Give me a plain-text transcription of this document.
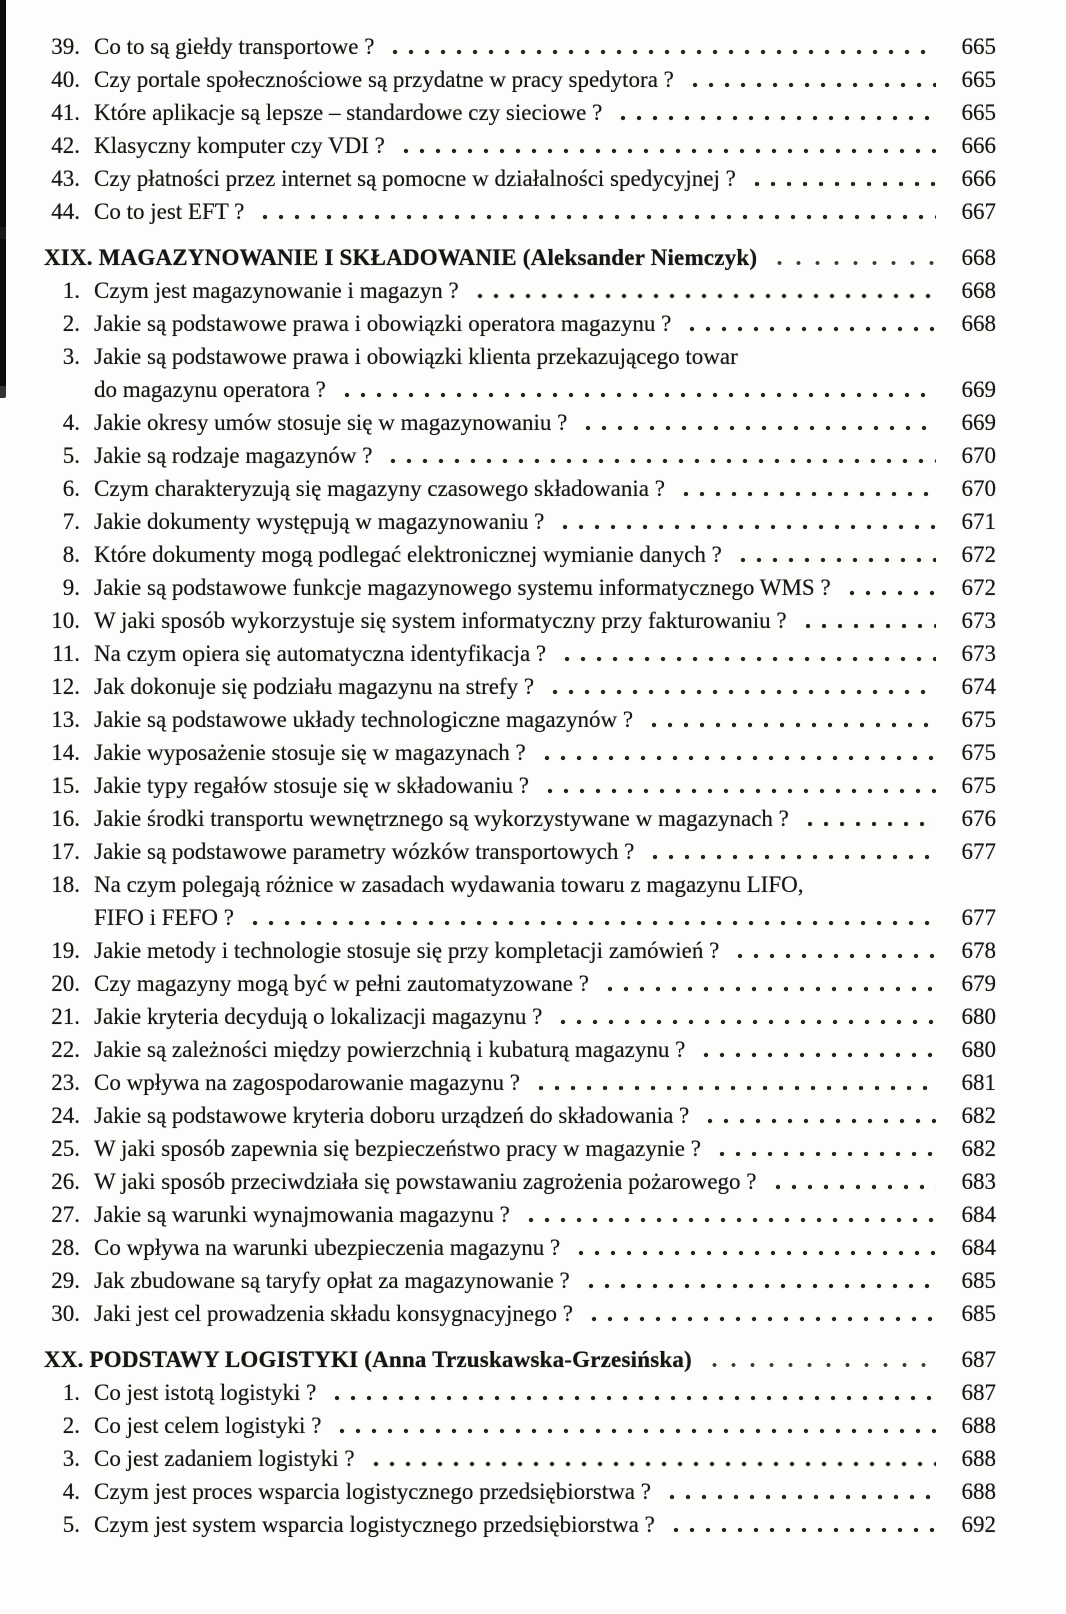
39. Co to są giełdy transportowe ?	665
40. Czy portale społecznościowe są przydatne w pracy spedytora ?	665
41. Które aplikacje są lepsze – standardowe czy sieciowe ?	665
42. Klasyczny komputer czy VDI ?	666
43. Czy płatności przez internet są pomocne w działalności spedycyjnej ?	666
44. Co to jest EFT ?	667
XIX. MAGAZYNOWANIE I SKŁADOWANIE (Aleksander Niemczyk)	668
1. Czym jest magazynowanie i magazyn ?	668
2. Jakie są podstawowe prawa i obowiązki operatora magazynu ?	668
3. Jakie są podstawowe prawa i obowiązki klienta przekazującego towar
do magazynu operatora ?	669
4. Jakie okresy umów stosuje się w magazynowaniu ?	669
5. Jakie są rodzaje magazynów ?	670
6. Czym charakteryzują się magazyny czasowego składowania ?	670
7. Jakie dokumenty występują w magazynowaniu ?	671
8. Które dokumenty mogą podlegać elektronicznej wymianie danych ?	672
9. Jakie są podstawowe funkcje magazynowego systemu informatycznego WMS ?	672
10. W jaki sposób wykorzystuje się system informatyczny przy fakturowaniu ?	673
11. Na czym opiera się automatyczna identyfikacja ?	673
12. Jak dokonuje się podziału magazynu na strefy ?	674
13. Jakie są podstawowe układy technologiczne magazynów ?	675
14. Jakie wyposażenie stosuje się w magazynach ?	675
15. Jakie typy regałów stosuje się w składowaniu ?	675
16. Jakie środki transportu wewnętrznego są wykorzystywane w magazynach ?	676
17. Jakie są podstawowe parametry wózków transportowych ?	677
18. Na czym polegają różnice w zasadach wydawania towaru z magazynu LIFO,
FIFO i FEFO ?	677
19. Jakie metody i technologie stosuje się przy kompletacji zamówień ?	678
20. Czy magazyny mogą być w pełni zautomatyzowane ?	679
21. Jakie kryteria decydują o lokalizacji magazynu ?	680
22. Jakie są zależności między powierzchnią i kubaturą magazynu ?	680
23. Co wpływa na zagospodarowanie magazynu ?	681
24. Jakie są podstawowe kryteria doboru urządzeń do składowania ?	682
25. W jaki sposób zapewnia się bezpieczeństwo pracy w magazynie ?	682
26. W jaki sposób przeciwdziała się powstawaniu zagrożenia pożarowego ?	683
27. Jakie są warunki wynajmowania magazynu ?	684
28. Co wpływa na warunki ubezpieczenia magazynu ?	684
29. Jak zbudowane są taryfy opłat za magazynowanie ?	685
30. Jaki jest cel prowadzenia składu konsygnacyjnego ?	685
XX. PODSTAWY LOGISTYKI (Anna Trzuskawska-Grzesińska)	687
1. Co jest istotą logistyki ?	687
2. Co jest celem logistyki ?	688
3. Co jest zadaniem logistyki ?	688
4. Czym jest proces wsparcia logistycznego przedsiębiorstwa ?	688
5. Czym jest system wsparcia logistycznego przedsiębiorstwa ?	692
